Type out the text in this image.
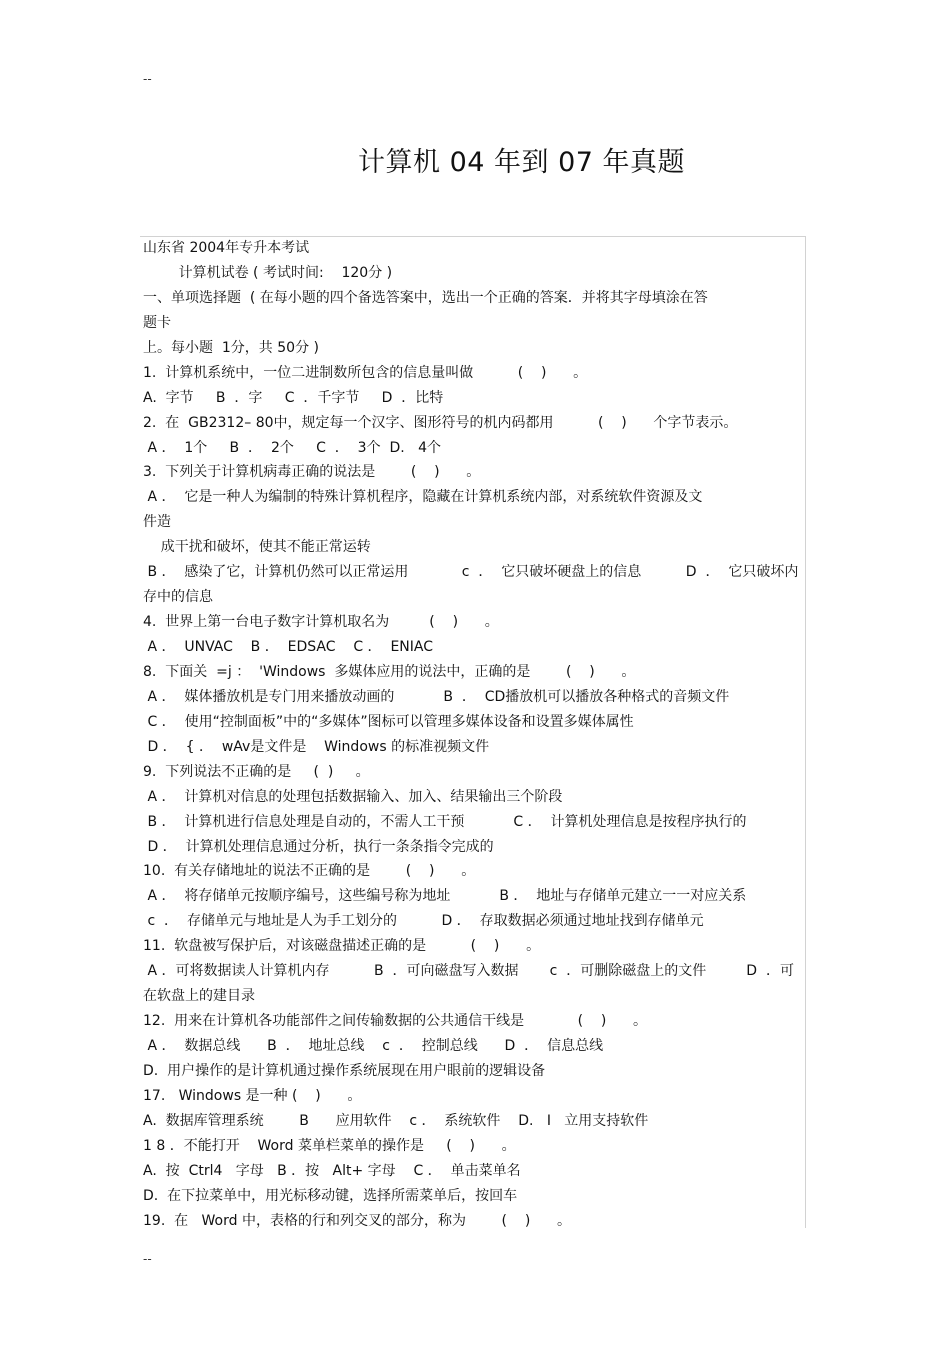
--
计算机 04 年到 07 年真题
山东省 2004年专升本考试
计算机试卷 ( 考试时间:    120分 )
一、单项选择题  ( 在每小题的四个备选答案中，选出一个正确的答案．并将其字母填涂在答
题卡
上。每小题  1分，共 50分 )
1.  计算机系统中，一位二进制数所包含的信息量叫做          (    )      。
A.  字节     B  ．字     C  ．千字节     D  ．比特
2.  在  GB2312– 80中，规定每一个汉字、图形符号的机内码都用          (    )      个字节表示。
A ．  1个     B  ．  2个     C  ．  3个  D.   4个
3.  下列关于计算机病毒正确的说法是        (    )      。
A ．  它是一种人为编制的特殊计算机程序，隐藏在计算机系统内部，对系统软件资源及文
件造
成干扰和破坏，使其不能正常运转
B ．  感染了它，计算机仍然可以正常运用            c  ．  它只破坏硬盘上的信息          D  ．  它只破坏内
存中的信息
4.  世界上第一台电子数字计算机取名为         (    )      。
A ．  UNVAC    B ．  EDSAC    C ．  ENIAC
8.  下面关  =j ：  'Windows  多媒体应用的说法中，正确的是        (    )      。
A ．  媒体播放机是专门用来播放动画的           B  ．  CD播放机可以播放各种格式的音频文件
C ．  使用“控制面板”中的“多媒体”图标可以管理多媒体设备和设置多媒体属性
D ．  { ．  wAv是文件是    Windows 的标准视频文件
9.  下列说法不正确的是     (  )     。
A ．  计算机对信息的处理包括数据输入、加入、结果输出三个阶段
B ．  计算机进行信息处理是自动的，不需人工干预           C ．  计算机处理信息是按程序执行的
D ．  计算机处理信息通过分析，执行一条条指令完成的
10.  有关存储地址的说法不正确的是        (    )      。
A ．  将存储单元按顺序编号，这些编号称为地址           B ．  地址与存储单元建立一一对应关系
c  ．  存储单元与地址是人为手工划分的          D ．  存取数据必须通过地址找到存储单元
11.  软盘被写保护后，对该磁盘描述正确的是          (    )      。
A ．可将数据读人计算机内存          B  ．可向磁盘写入数据       c  ．可删除磁盘上的文件         D  ．可
在软盘上的建目录
12.  用来在计算机各功能部件之间传输数据的公共通信干线是            (    )      。
A ．  数据总线      B  ．  地址总线    c  ．  控制总线      D  ．  信息总线
D.  用户操作的是计算机通过操作系统展现在用户眼前的逻辑设备
17.   Windows 是一种 (    )      。
A.  数据库管理系统        B      应用软件    c ．  系统软件    D.   I   立用支持软件
1 8 ．不能打开    Word 菜单栏菜单的操作是     (    )      。
A.  按  Ctrl4   字母   B ．按   Alt+ 字母    C ．  单击菜单名
D.  在下拉菜单中，用光标移动键，选择所需菜单后，按回车
19.  在   Word 中，表格的行和列交叉的部分，称为        (    )      。
--
